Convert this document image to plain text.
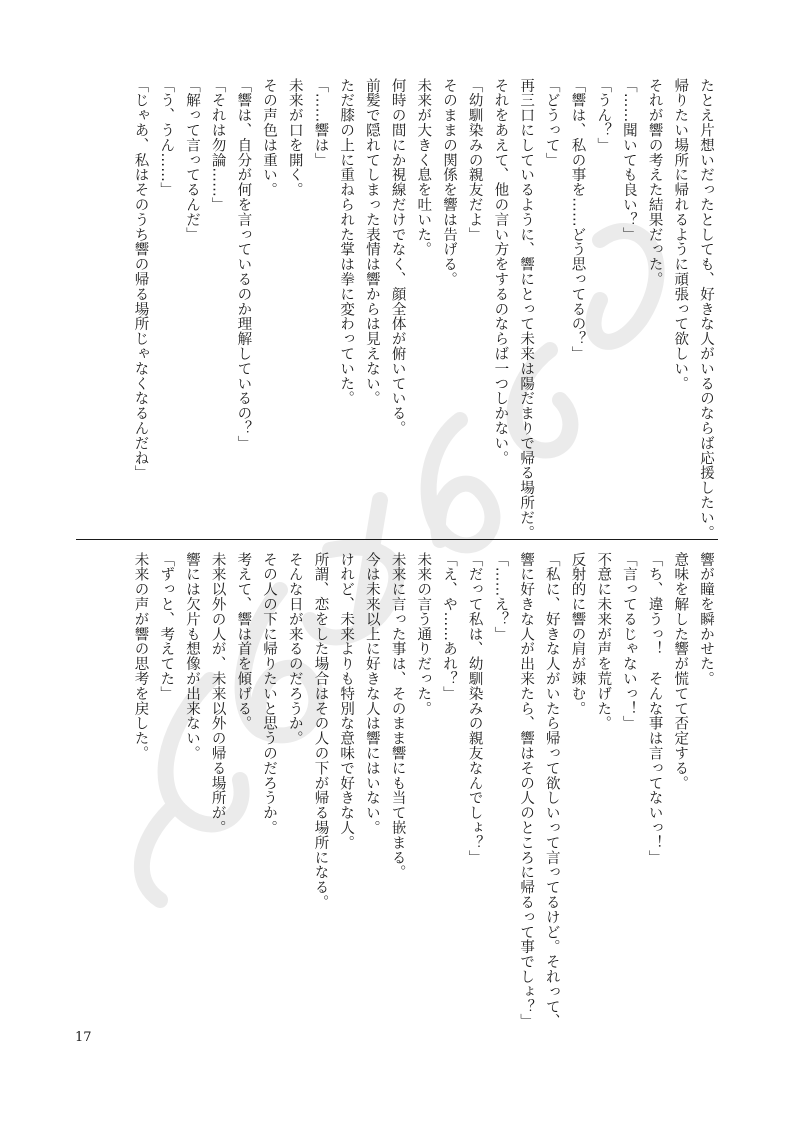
たとえ片想いだったとしても、好きな人がいるのならば応援したい。

帰りたい場所に帰れるように頑張って欲しい。

それが響の考えた結果だった。

「……聞いても良い？」

「うん？」

「響は、私の事を……どう思ってるの？」

「どうって」

再三口にしているように、響にとって未来は陽だまりで帰る場所だ。

それをあえて、他の言い方をするのならば一つしかない。

「幼馴染みの親友だよ」

そのままの関係を響は告げる。

未来が大きく息を吐いた。

何時の間にか視線だけでなく、顔全体が俯いている。

前髪で隠れてしまった表情は響からは見えない。

ただ膝の上に重ねられた掌は拳に変わっていた。

「……響は」

未来が口を開く。

その声色は重い。

「響は、自分が何を言っているのか理解しているの？」

「それは勿論……」

「解って言ってるんだ」

「う、うん……」

「じゃあ、私はそのうち響の帰る場所じゃなくなるんだね」

響が瞳を瞬かせた。

意味を解した響が慌てて否定する。

「ち、違うっ！　そんな事は言ってないっ！」

「言ってるじゃないっ！」

不意に未来が声を荒げた。

反射的に響の肩が竦む。

「私に、好きな人がいたら帰って欲しいって言ってるけど。それって、

響に好きな人が出来たら、響はその人のところに帰るって事でしょ？」

「……え？」

「だって私は、幼馴染みの親友なんでしょ？」

「え、や……あれ？」

未来の言う通りだった。

未来に言った事は、そのまま響にも当て嵌まる。

今は未来以上に好きな人は響にはいない。

けれど、未来よりも特別な意味で好きな人。

所謂、恋をした場合はその人の下が帰る場所になる。

そんな日が来るのだろうか。

その人の下に帰りたいと思うのだろうか。

考えて、響は首を傾げる。

未来以外の人が、未来以外の帰る場所が。

響には欠片も想像が出来ない。

「ずっと、考えてた」

未来の声が響の思考を戻した。

17
